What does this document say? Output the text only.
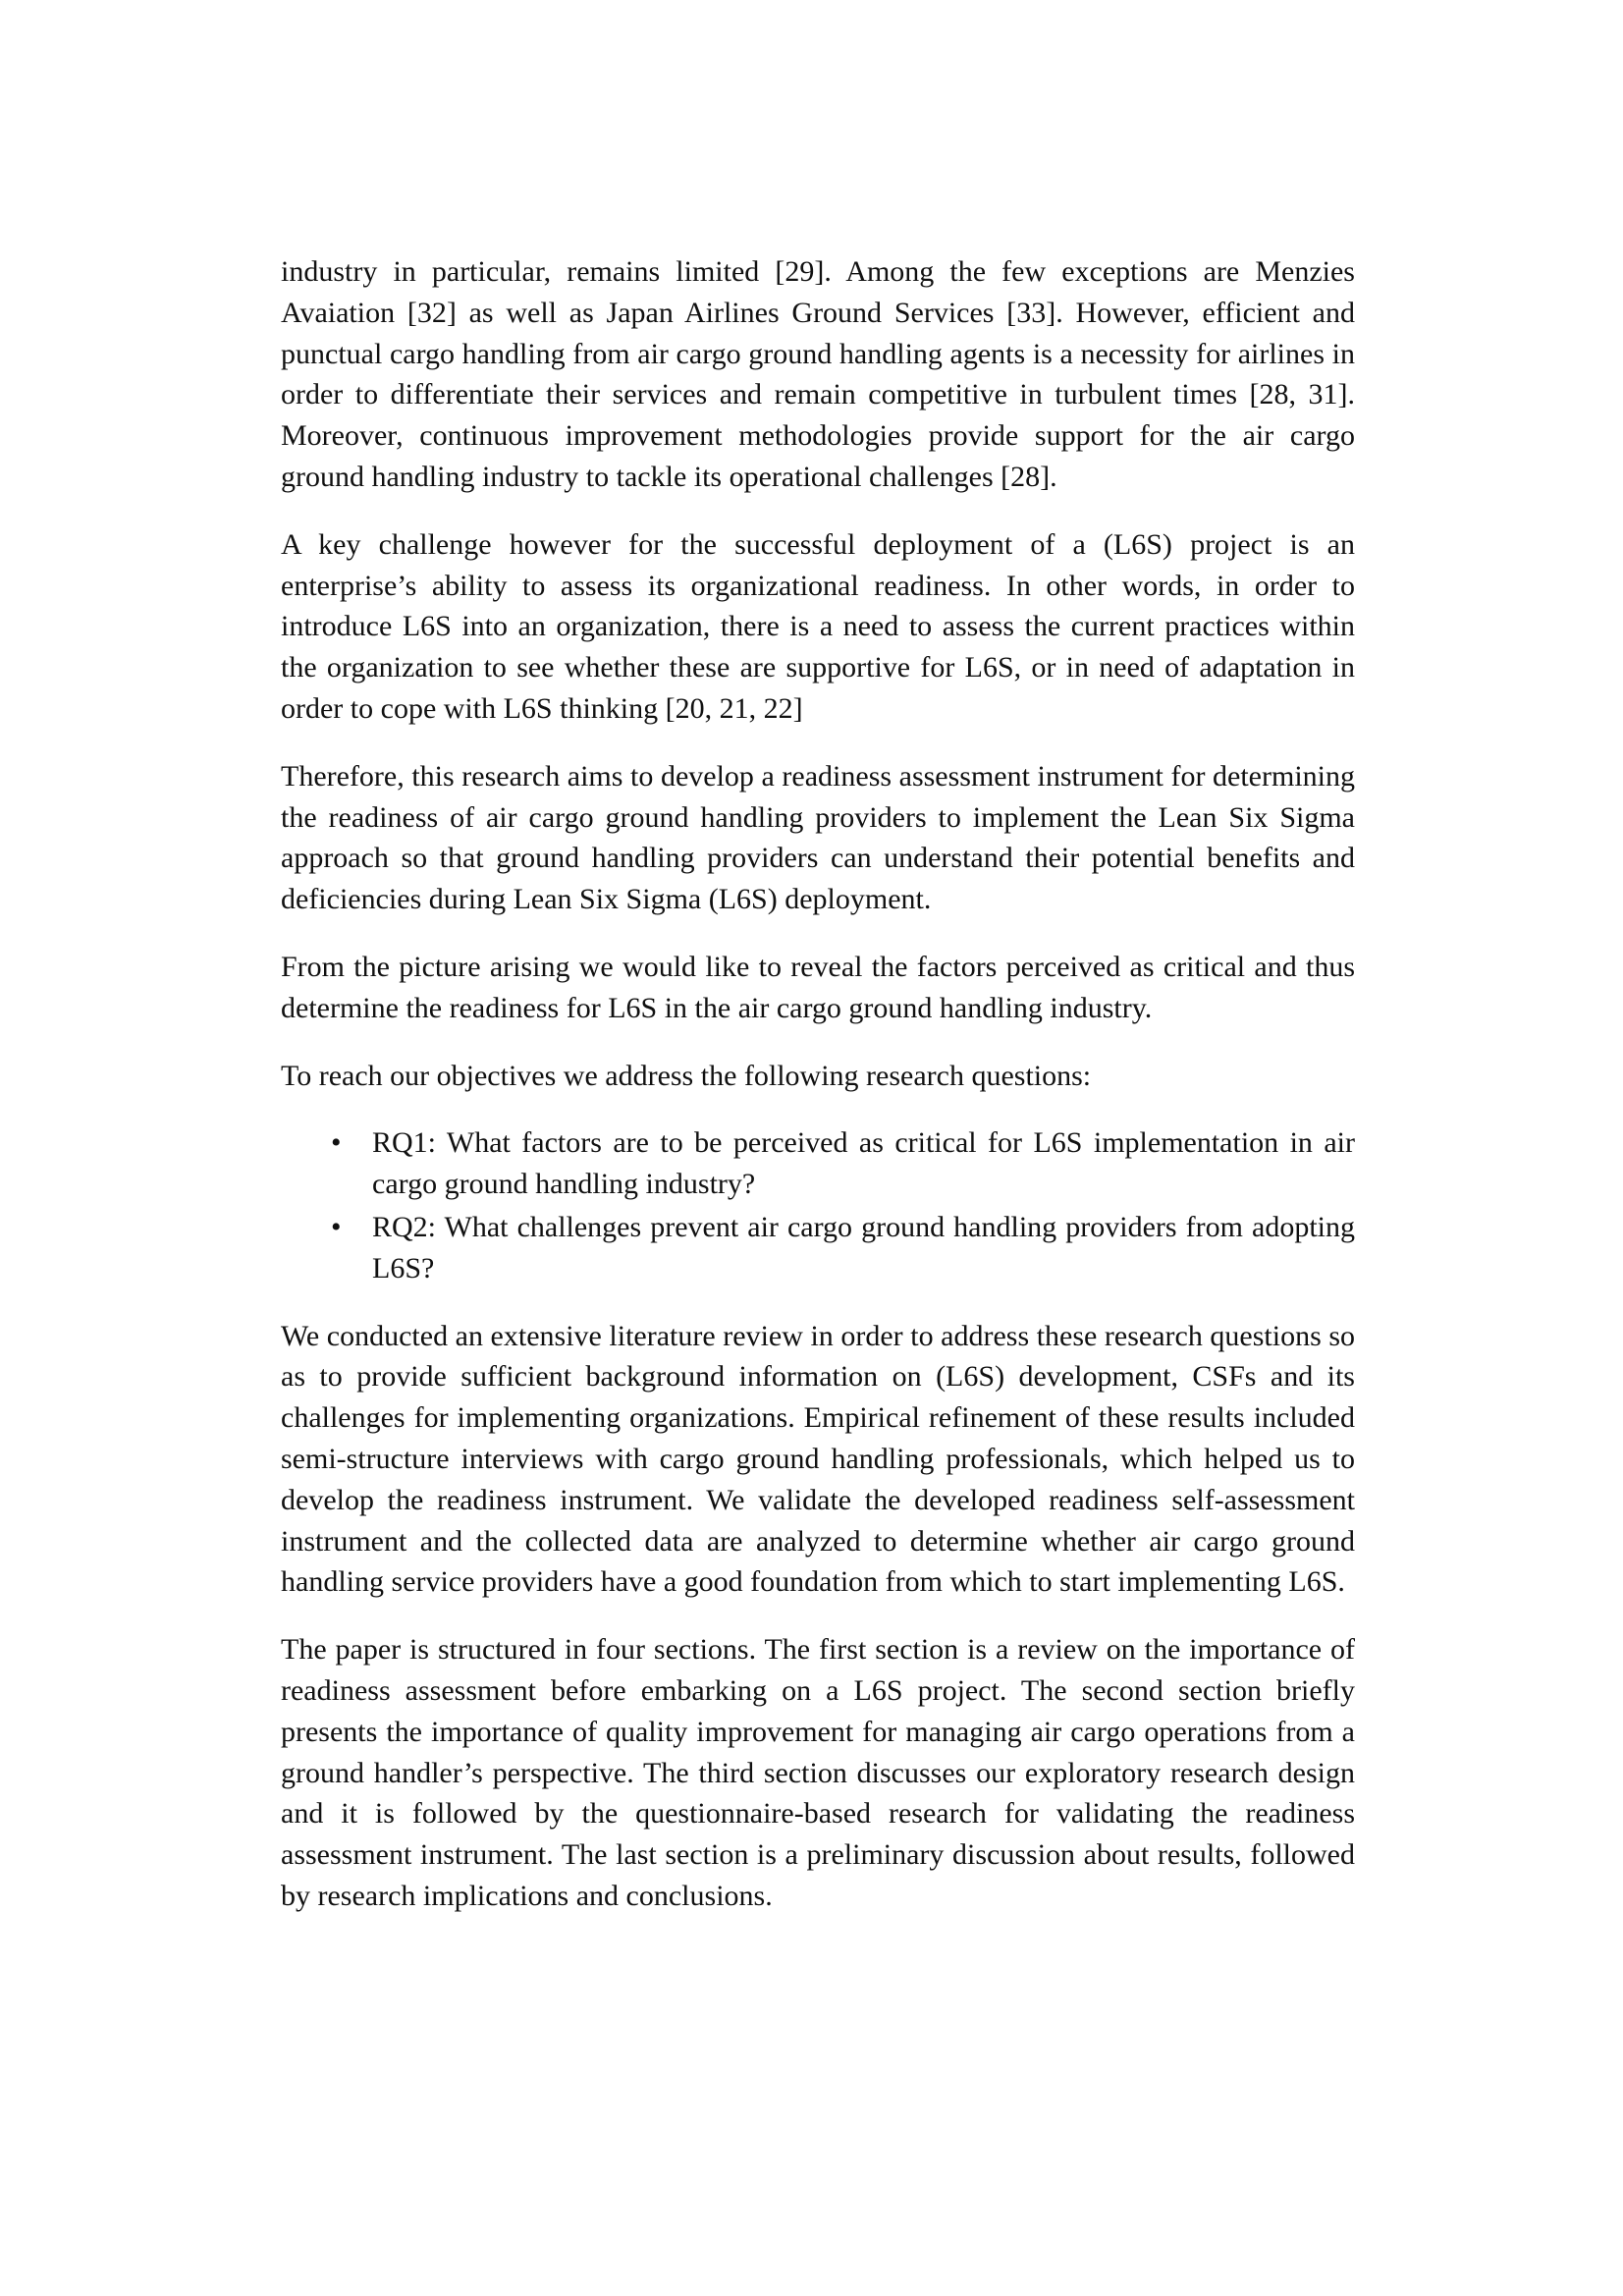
industry in particular, remains limited [29]. Among the few exceptions are Menzies Avaiation [32] as well as Japan Airlines Ground Services [33]. However, efficient and punctual cargo handling from air cargo ground handling agents is a necessity for airlines in order to differentiate their services and remain competitive in turbulent times [28, 31]. Moreover, continuous improvement methodologies provide support for the air cargo ground handling industry to tackle its operational challenges [28].

A key challenge however for the successful deployment of a (L6S) project is an enterprise’s ability to assess its organizational readiness. In other words, in order to introduce L6S into an organization, there is a need to assess the current practices within the organization to see whether these are supportive for L6S, or in need of adaptation in order to cope with L6S thinking [20, 21, 22]

Therefore, this research aims to develop a readiness assessment instrument for determining the readiness of air cargo ground handling providers to implement the Lean Six Sigma approach so that ground handling providers can understand their potential benefits and deficiencies during Lean Six Sigma (L6S) deployment.

From the picture arising we would like to reveal the factors perceived as critical and thus determine the readiness for L6S in the air cargo ground handling industry.

To reach our objectives we address the following research questions:

• RQ1: What factors are to be perceived as critical for L6S implementation in air cargo ground handling industry?
• RQ2: What challenges prevent air cargo ground handling providers from adopting L6S?

We conducted an extensive literature review in order to address these research questions so as to provide sufficient background information on (L6S) development, CSFs and its challenges for implementing organizations. Empirical refinement of these results included semi-structure interviews with cargo ground handling professionals, which helped us to develop the readiness instrument. We validate the developed readiness self-assessment instrument and the collected data are analyzed to determine whether air cargo ground handling service providers have a good foundation from which to start implementing L6S.

The paper is structured in four sections. The first section is a review on the importance of readiness assessment before embarking on a L6S project. The second section briefly presents the importance of quality improvement for managing air cargo operations from a ground handler’s perspective. The third section discusses our exploratory research design and it is followed by the questionnaire-based research for validating the readiness assessment instrument. The last section is a preliminary discussion about results, followed by research implications and conclusions.
